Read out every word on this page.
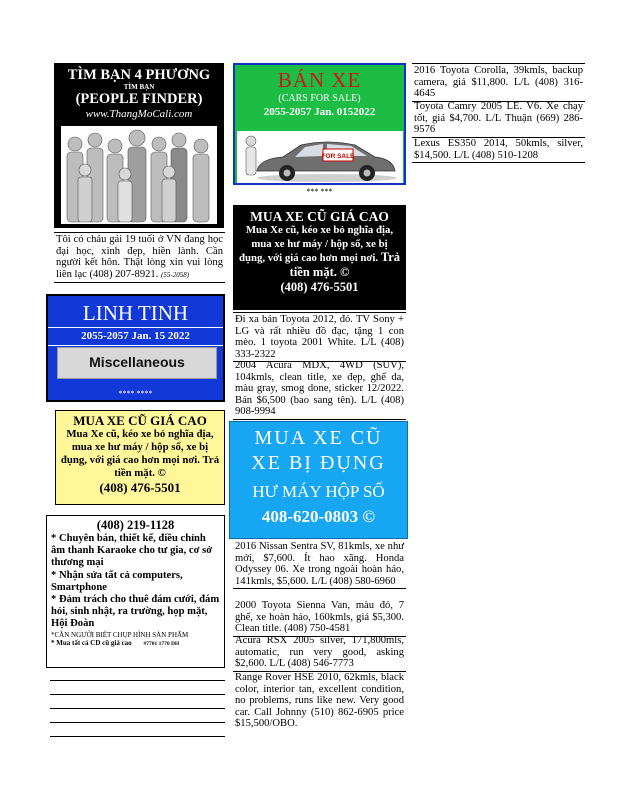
TÌM BẠN 4 PHƯƠNG
TÌM BẠN
(PEOPLE FINDER)
www.ThangMoCali.com
Tôi có cháu gái 19 tuổi ở VN đang học đại học, xinh đẹp, hiền lành. Cần người kết hôn. Thật lòng xin vui lòng liên lạc (408) 207-8921. (55-2058)
LINH TINH
2055-2057 Jan. 15 2022
Miscellaneous
**** ****
MUA XE CŨ GIÁ CAO
Mua Xe cũ, kéo xe bỏ nghĩa địa, mua xe hư máy / hộp số, xe bị đụng, với giá cao hơn mọi nơi. Trả tiền mặt. ©
(408) 476-5501
(408) 219-1128
* Chuyên bán, thiết kế, điều chỉnh âm thanh Karaoke cho tư gia, cơ sở thương mại
* Nhận sửa tất cả computers, Smartphone
* Đảm trách cho thuê đám cưới, đám hỏi, sinh nhật, ra trường, họp mặt, Hội Đoàn
*CẦN NGƯỜI BIẾT CHỤP HÌNH SẢN PHẨM
* Mua tất cả CD cũ giá cao #7701 1770 DH
BÁN XE
(CARS FOR SALE)
2055-2057 Jan. 0152022
FOR SALE
*** ***
MUA XE CŨ GIÁ CAO
Mua Xe cũ, kéo xe bỏ nghĩa địa, mua xe hư máy / hộp số, xe bị đụng, với giá cao hơn mọi nơi. Trả tiền mặt. ©
(408) 476-5501
Đi xa bán Toyota 2012, đỏ. TV Sony + LG và rất nhiều đồ đạc, tặng 1 con mèo. 1 toyota 2001 White. L/L (408) 333-2322
2004 Acura MDX, 4WD (SUV), 104kmls, clean title, xe đẹp, ghế da, màu gray, smog done, sticker 12/2022. Bán $6,500 (bao sang tên). L/L (408) 908-9994
MUA XE CŨ
XE BỊ ĐỤNG
HƯ MÁY HỘP SỐ
408-620-0803 ©
2016 Nissan Sentra SV, 81kmls, xe như mới, $7,600. Ít hao xăng. Honda Odyssey 06. Xe trong ngoài hoàn hảo, 141kmls, $5,600. L/L (408) 580-6960
2000 Toyota Sienna Van, màu đỏ, 7 ghế, xe hoàn hảo, 160kmls, giá $5,300. Clean title. (408) 750-4581
Acura RSX 2005 silver, 171,800mls, automatic, run very good, asking $2,600. L/L (408) 546-7773
Range Rover HSE 2010, 62kmls, black color, interior tan, excellent condition, no problems, runs like new. Very good car. Call Johnny (510) 862-6905 price $15,500/OBO.
2016 Toyota Corolla, 39kmls, backup camera, giá $11,800. L/L (408) 316-4645
Toyota Camry 2005 LE. V6. Xe chạy tốt, giá $4,700. L/L Thuận (669) 286-9576
Lexus ES350 2014, 50kmls, silver, $14,500. L/L (408) 510-1208
